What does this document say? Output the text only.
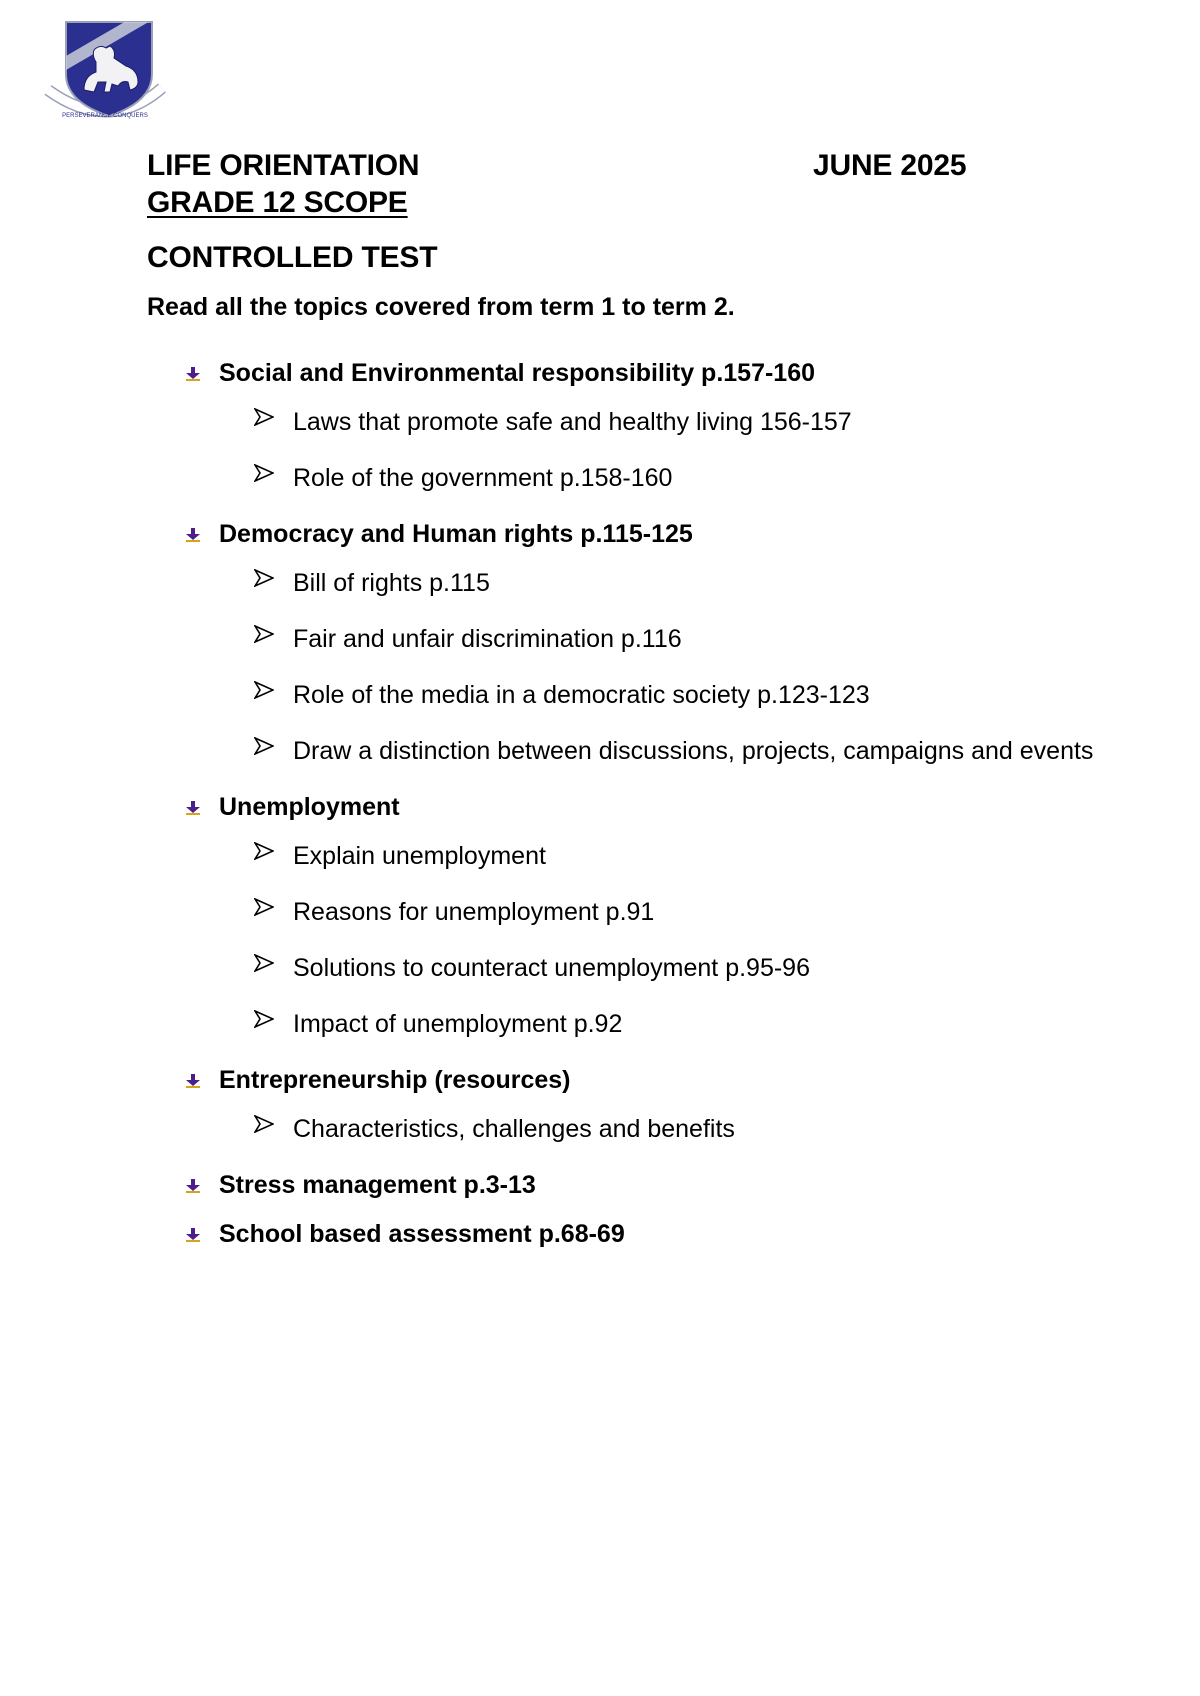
PERSEVERANCE CONQUERS
LIFE ORIENTATION	JUNE 2025
GRADE 12 SCOPE
CONTROLLED TEST
Read all the topics covered from term 1 to term 2.
Social and Environmental responsibility p.157-160
Laws that promote safe and healthy living 156-157
Role of the government p.158-160
Democracy and Human rights p.115-125
Bill of rights p.115
Fair and unfair discrimination p.116
Role of the media in a democratic society p.123-123
Draw a distinction between discussions, projects, campaigns and events
Unemployment
Explain unemployment
Reasons for unemployment p.91
Solutions to counteract unemployment p.95-96
Impact of unemployment p.92
Entrepreneurship (resources)
Characteristics, challenges and benefits
Stress management p.3-13
School based assessment p.68-69
